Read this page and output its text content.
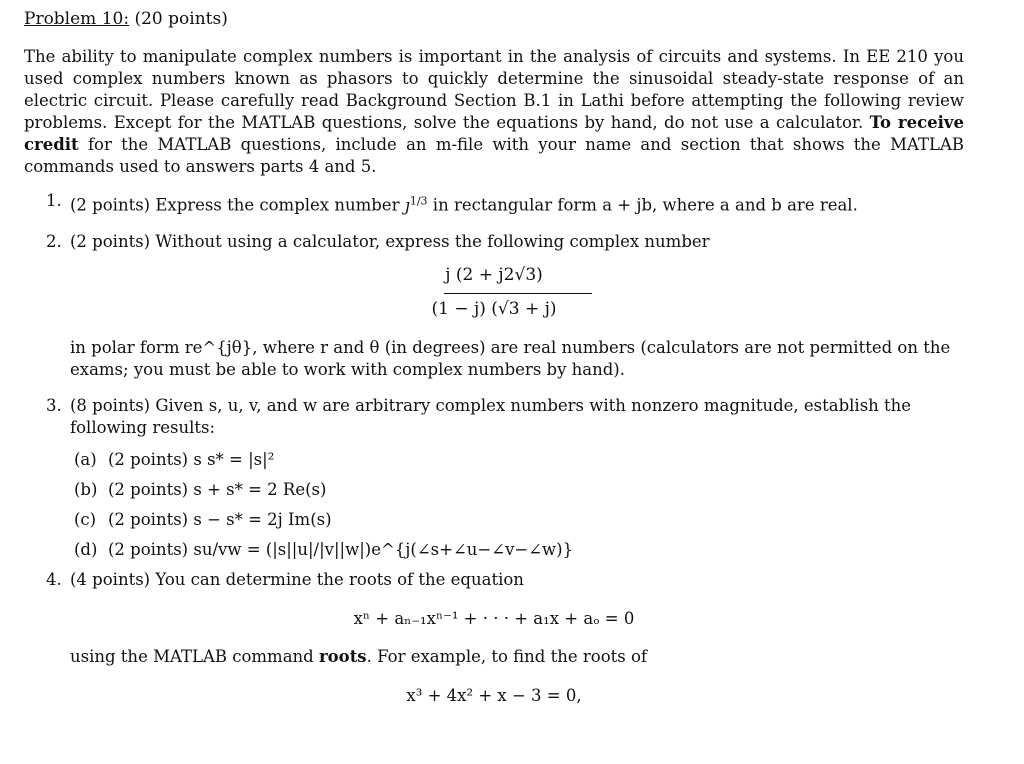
Problem 10: (20 points)

The ability to manipulate complex numbers is important in the analysis of circuits and systems. In EE 210 you used complex numbers known as phasors to quickly determine the sinusoidal steady-state response of an electric circuit. Please carefully read Background Section B.1 in Lathi before attempting the following review problems. Except for the MATLAB questions, solve the equations by hand, do not use a calculator. To receive credit for the MATLAB questions, include an m-file with your name and section that shows the MATLAB commands used to answers parts 4 and 5.

1. (2 points) Express the complex number $ȷ^{1/3}$ in rectangular form a + jb, where a and b are real.
2. (2 points) Without using a calculator, express the following complex number
j (2 + j2√3)
(1 − j) (√3 + j)
in polar form re^{jθ}, where r and θ (in degrees) are real numbers (calculators are not permitted on the exams; you must be able to work with complex numbers by hand).
3. (8 points) Given s, u, v, and w are arbitrary complex numbers with nonzero magnitude, establish the following results:
(a) (2 points) s s* = |s|²
(b) (2 points) s + s* = 2 Re(s)
(c) (2 points) s − s* = 2j Im(s)
(d) (2 points) su/vw = (|s||u|/|v||w|)e^{j(∠s+∠u−∠v−∠w)}
4. (4 points) You can determine the roots of the equation

xⁿ + aₙ₋₁xⁿ⁻¹ + · · · + a₁x + aₒ = 0

using the MATLAB command roots. For example, to find the roots of

x³ + 4x² + x − 3 = 0,
